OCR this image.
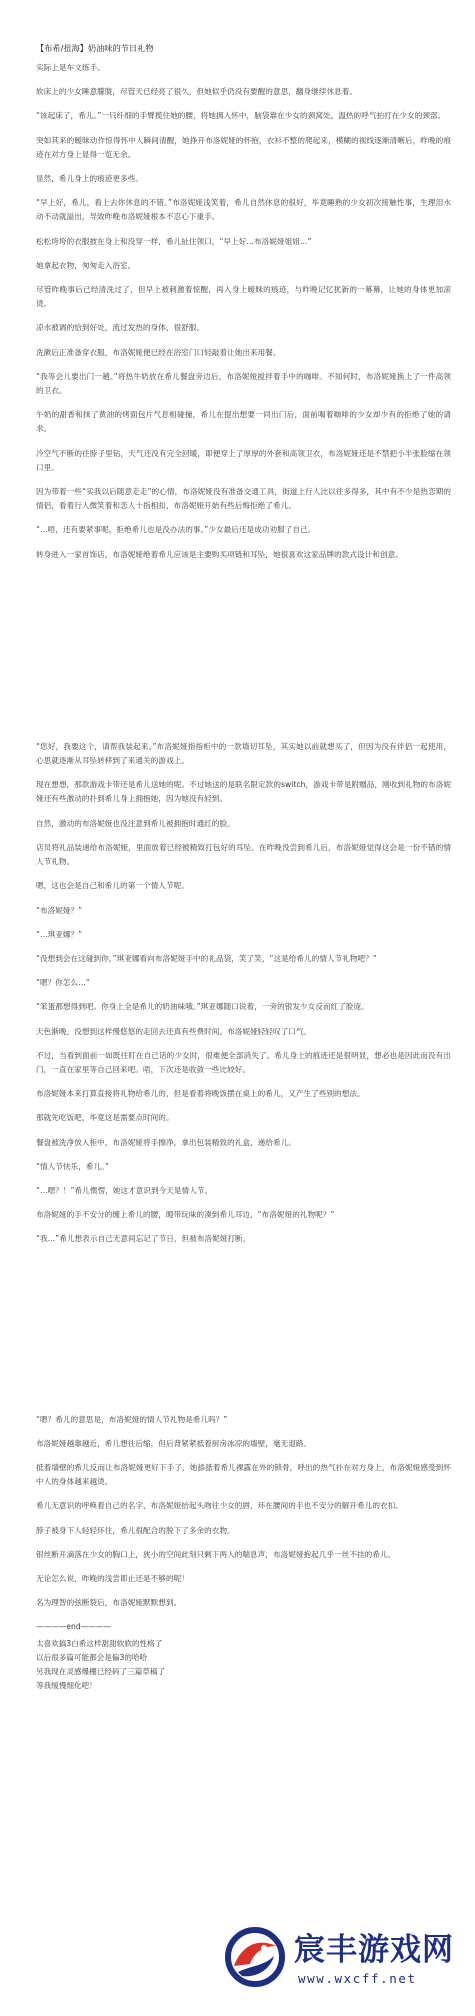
【布希/扭海】奶油味的节日礼物

实际上是车文练手。

软床上的少女睡意朦胧，尽管天已经亮了很久，但她似乎仍没有要醒的意思，翻身继续休息着。

“该起床了，希儿。”一只纤细的手臂揽住她的腰，将她拥入怀中，脑袋靠在少女的颈窝处，温热的呼气拍打在少女的颈部。

突如其来的暧昧动作惊得怀中人瞬间清醒，她挣开布洛妮娅的怀抱，衣衫不整的爬起来，模糊的视线逐渐清晰后，昨晚的痕迹在对方身上显得一览无余。

显然，希儿身上的痕迹更多些。

“早上好，希儿，看上去你休息的不错。”布洛妮娅浅笑着，希儿自然休息的很好，毕竟睡熟的少女初次接触性事，生理泪水动不动就溢出，导致昨晚布洛妮娅根本不忍心下重手。

松松垮垮的衣服披在身上和没穿一样，希儿扯住领口，“早上好…布洛妮娅姐姐…”

她拿起衣物，匆匆走入浴室。

尽管昨晚事后已经清洗过了，但早上被刺激着惊醒，再入身上暧昧的痕迹，与昨晚记忆犹新的一幕幕，让她的身体更加滚烫。

凉水被调的恰到好处，流过发热的身体，很舒服。

洗漱后正准备穿衣服，布洛妮娅便已经在浴室门口轻敲着让她出来用餐。

“我等会儿要出门一趟。”将热牛奶放在希儿餐盘旁边后，布洛妮娅搅拌着手中的咖啡。不知何时，布洛妮娅换上了一件高领的卫衣。

午奶的甜香和抹了黄油的烤面包片气息相碰撞，希儿在提出想要一同出门后，面前喝着咖啡的少女却少有的拒绝了她的请求。

冷空气不断的往脖子里钻，天气还没有完全回暖，即便穿上了厚厚的外套和高领卫衣，布洛妮娅还是不禁把小半张脸缩在领口里。

因为带着一些“实我以后随意走走”的心情，布洛妮娅没有准备交通工具，街道上行人比以往多得多，其中有不少是热恋期的情侣，看着行人微笑着和恋人十指相扣，布洛妮娅开始有些后悔拒绝了希儿。

“…唔，还有要紧事呢，拒绝希儿也是没办法的事。”少女最后还是成功劝服了自己。

转身进入一家首饰店，布洛妮娅绝着希儿应该是主要购买项链和耳坠，她很喜欢这家品牌的款式设计和创意。

“您好，我要这个，请帮我装起来。”布洛妮娅指指柜中的一款墙切耳坠，其实她以前就想买了，但因为没有伴侣一起使用，心思就逐渐从耳坠转移到了来通关的游戏上。

现在想想，那款游戏卡带还是希儿送她的呢。不过她送的是联名限定款的switch，游戏卡带是附赠品，刚收到礼物的布洛妮娅还有些激动的扑到希儿身上拥抱她，因为她没有轻到。

自然，激动的布洛妮娅也没注意到希儿被拥抱时通红的脸。

店员将礼品装递给布洛妮娅，里面放着已经被精致打包好的耳坠。在昨晚没尝到希儿后，布洛妮娅觉得这会是一份不错的情人节礼物。

嗯，这也会是自己和希儿的第一个情人节呢。

“布洛妮娅？”

“…琪亚娜？”

“没想到会在这碰到你，”琪亚娜看向布洛妮娅手中的礼品袋，笑了笑，“这是给希儿的情人节礼物吧？”

“嗯？你怎么…”

“笨蛋都想得到吧。你身上全是希儿的奶油味哦。”琪亚娜随口说着，一旁的银发少女反而红了脸庞。

天色渐晚，没想到这样慢悠悠的走回去还真有些费时间。布洛妮娅轻轻叹了口气。

不过，当看到面前一如既往盯在自己话的少女时，很难便全部消失了。希儿身上的痕迹还是很明显，想必也是因此而没有出门，一直在家里等自己回来吧。唔，下次还是收敛一些比较好。

布洛妮娅本来打算直接将礼物给希儿的，但是看着将晚饭摆在桌上的希儿，又产生了些别的想法。

那就先吃饭吧，毕竟这是需要点时间的。

餐盘被洗净放入柜中，布洛妮娅将手擦净，拿出包装精致的礼盒，递给希儿。

“情人节快乐，希儿。”

“…嗯？！”希儿惯愣，她这才意识到今天是情人节。

布洛妮娅的手不安分的缠上希儿的腰，瞪带玩味的凑到希儿耳边，“布洛妮娅的礼物呢？”

“我…”希儿想表示自己无意间忘记了节日，但被布洛妮娅打断。

“嗯？希儿的意思是，布洛妮娅的情人节礼物是希儿吗？”

布洛妮娅越靠越近，希儿想往后缩，但后背紧紧抵着厨房冰凉的墙壁，毫无退路。

抵着墙壁的希儿反而让布洛妮娅更好下手了，她舔舐着希儿裸露在外的锁骨，呼出的热气扑在对方身上，布洛妮娅感受到怀中人的身体越来越烫。

希儿无意识的呼唤着自己的名字，布洛妮娅抬起头吻住少女的唇，环在腰间的手也不安分的解开希儿的衣扣。

脖子被身下人轻轻环住，希儿很配合的脱下了多余的衣物。

银丝断开滴落在少女的胸口上，狭小的空间此刻只剩下两人的喘息声，布洛妮娅抱起几乎一丝不挂的希儿。

无论怎么说，昨晚的浅尝即止还是不够的呢！

名为理智的弦断裂后，布洛妮娅默默想到。

————end————

太喜欢搞3白希这样甜甜软软的性格了

以后很多篇可能都会是偏3的哈哈

另我现在灵感爆棚已经码了三篇草稿了

等我缓慢细化吧！

宸丰游戏网
www.wxcff.net
